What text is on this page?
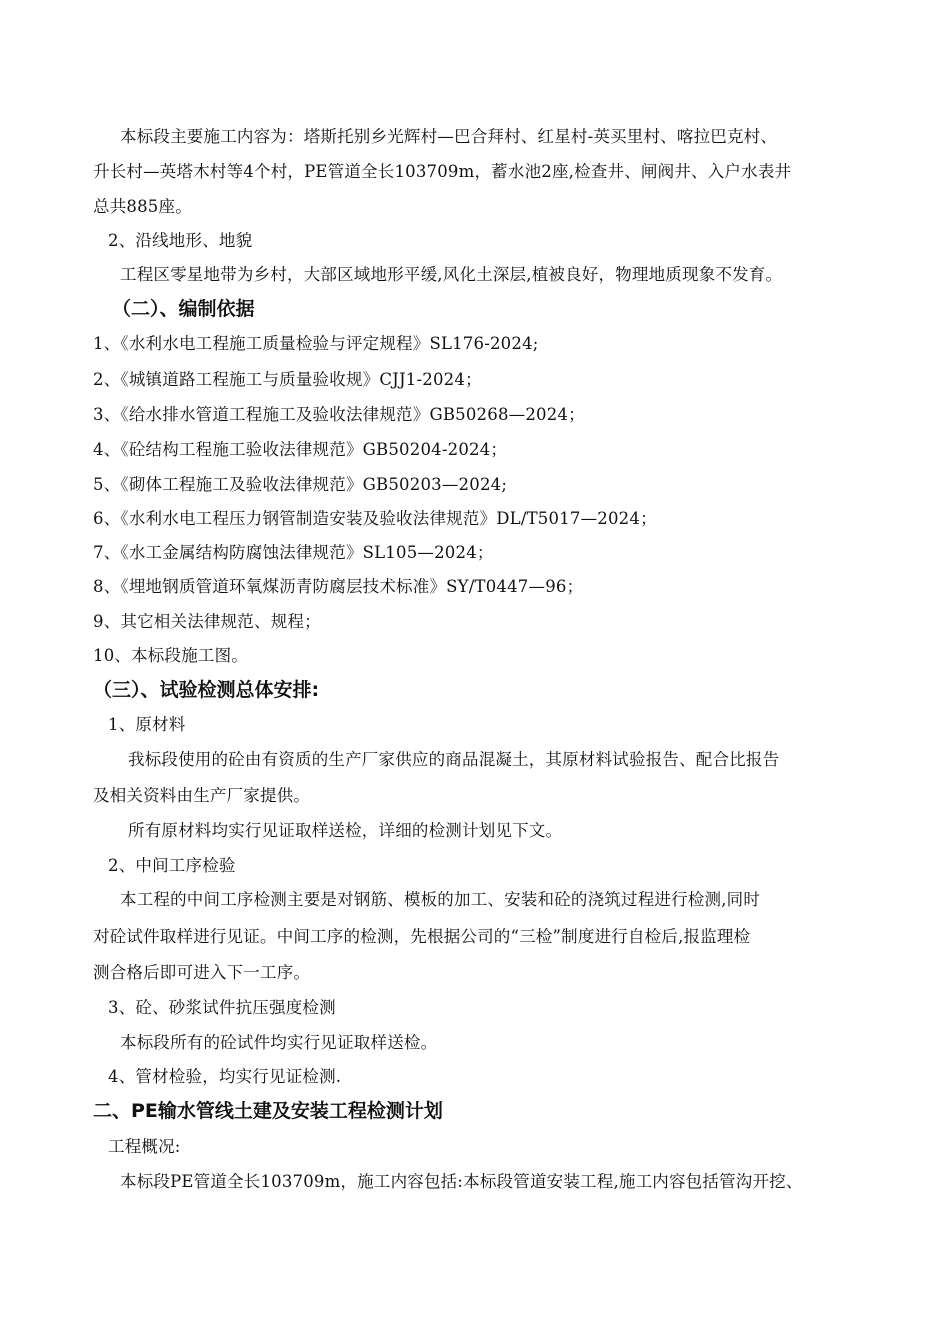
本标段主要施工内容为：塔斯托别乡光辉村—巴合拜村、红星村-英买里村、喀拉巴克村、
升长村—英塔木村等4个村，PE管道全长103709m，蓄水池2座,检查井、闸阀井、入户水表井
总共885座。
2、沿线地形、地貌
工程区零星地带为乡村，大部区域地形平缓,风化土深层,植被良好，物理地质现象不发育。
（二）、编制依据
1、《水利水电工程施工质量检验与评定规程》SL176-2024;
2、《城镇道路工程施工与质量验收规》CJJ1-2024；
3、《给水排水管道工程施工及验收法律规范》GB50268—2024；
4、《砼结构工程施工验收法律规范》GB50204-2024；
5、《砌体工程施工及验收法律规范》GB50203—2024;
6、《水利水电工程压力钢管制造安装及验收法律规范》DL/T5017—2024；
7、《水工金属结构防腐蚀法律规范》SL105—2024；
8、《埋地钢质管道环氧煤沥青防腐层技术标准》SY/T0447—96；
9、其它相关法律规范、规程；
10、本标段施工图。
（三）、试验检测总体安排:
1、原材料
我标段使用的砼由有资质的生产厂家供应的商品混凝土，其原材料试验报告、配合比报告
及相关资料由生产厂家提供。
所有原材料均实行见证取样送检，详细的检测计划见下文。
2、中间工序检验
本工程的中间工序检测主要是对钢筋、模板的加工、安装和砼的浇筑过程进行检测,同时
对砼试件取样进行见证。中间工序的检测，先根据公司的“三检”制度进行自检后,报监理检
测合格后即可进入下一工序。
3、砼、砂浆试件抗压强度检测
本标段所有的砼试件均实行见证取样送检。
4、管材检验，均实行见证检测.
二、PE输水管线土建及安装工程检测计划
工程概况:
本标段PE管道全长103709m，施工内容包括:本标段管道安装工程,施工内容包括管沟开挖、
